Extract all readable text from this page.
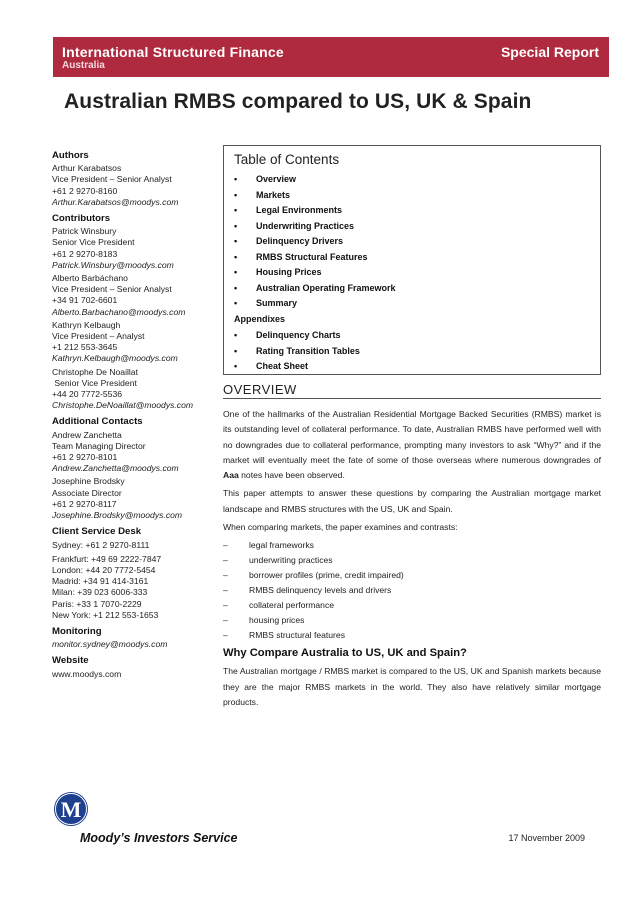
International Structured Finance
Australia
Special Report
Australian RMBS compared to US, UK & Spain
Authors
Arthur Karabatsos
Vice President – Senior Analyst
+61 2 9270-8160
Arthur.Karabatsos@moodys.com
Contributors
Patrick Winsbury
Senior Vice President
+61 2 9270-8183
Patrick.Winsbury@moodys.com
Alberto Barbáchano
Vice President – Senior Analyst
+34 91 702-6601
Alberto.Barbachano@moodys.com
Kathryn Kelbaugh
Vice President – Analyst
+1 212 553-3645
Kathryn.Kelbaugh@moodys.com
Christophe De Noaillat
Senior Vice President
+44 20 7772-5536
Christophe.DeNoaillat@moodys.com
Additional Contacts
Andrew Zanchetta
Team Managing Director
+61 2 9270-8101
Andrew.Zanchetta@moodys.com
Josephine Brodsky
Associate Director
+61 2 9270-8117
Josephine.Brodsky@moodys.com
Client Service Desk
Sydney: +61 2 9270-8111
Frankfurt: +49 69 2222-7847
London: +44 20 7772-5454
Madrid: +34 91 414-3161
Milan: +39 023 6006-333
Paris: +33 1 7070-2229
New York: +1 212 553-1653
Monitoring
monitor.sydney@moodys.com
Website
www.moodys.com
Table of Contents
• Overview
• Markets
• Legal Environments
• Underwriting Practices
• Delinquency Drivers
• RMBS Structural Features
• Housing Prices
• Australian Operating Framework
• Summary
Appendixes
• Delinquency Charts
• Rating Transition Tables
• Cheat Sheet
OVERVIEW

One of the hallmarks of the Australian Residential Mortgage Backed Securities (RMBS) market is its outstanding level of collateral performance. To date, Australian RMBS have performed well with no downgrades due to collateral performance, prompting many investors to ask “Why?” and if the market will eventually meet the fate of some of those overseas where numerous downgrades of Aaa notes have been observed.

This paper attempts to answer these questions by comparing the Australian mortgage market landscape and RMBS structures with the US, UK and Spain.

When comparing markets, the paper examines and contrasts:

– legal frameworks
– underwriting practices
– borrower profiles (prime, credit impaired)
– RMBS delinquency levels and drivers
– collateral performance
– housing prices
– RMBS structural features
Why Compare Australia to US, UK and Spain?

The Australian mortgage / RMBS market is compared to the US, UK and Spanish markets because they are the major RMBS markets in the world. They also have relatively similar mortgage products.

M
Moody’s Investors Service	17 November 2009
